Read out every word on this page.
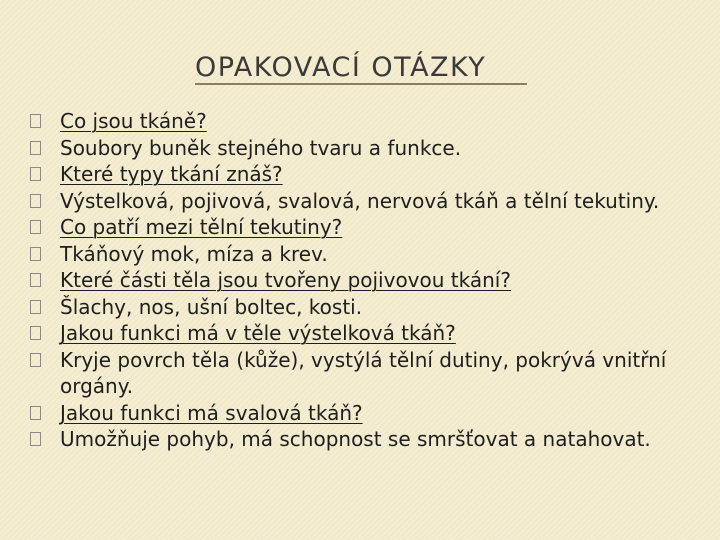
OPAKOVACÍ OTÁZKY
Co jsou tkáně?
Soubory buněk stejného tvaru a funkce.
Které typy tkání znáš?
Výstelková, pojivová, svalová, nervová tkáň a tělní tekutiny.
Co patří mezi tělní tekutiny?
Tkáňový mok, míza a krev.
Které části těla jsou tvořeny pojivovou tkání?
Šlachy, nos, ušní boltec, kosti.
Jakou funkci má v těle výstelková tkáň?
Kryje povrch těla (kůže), vystýlá tělní dutiny, pokrývá vnitřní orgány.
Jakou funkci má svalová tkáň?
Umožňuje pohyb, má schopnost se smršťovat a natahovat.
